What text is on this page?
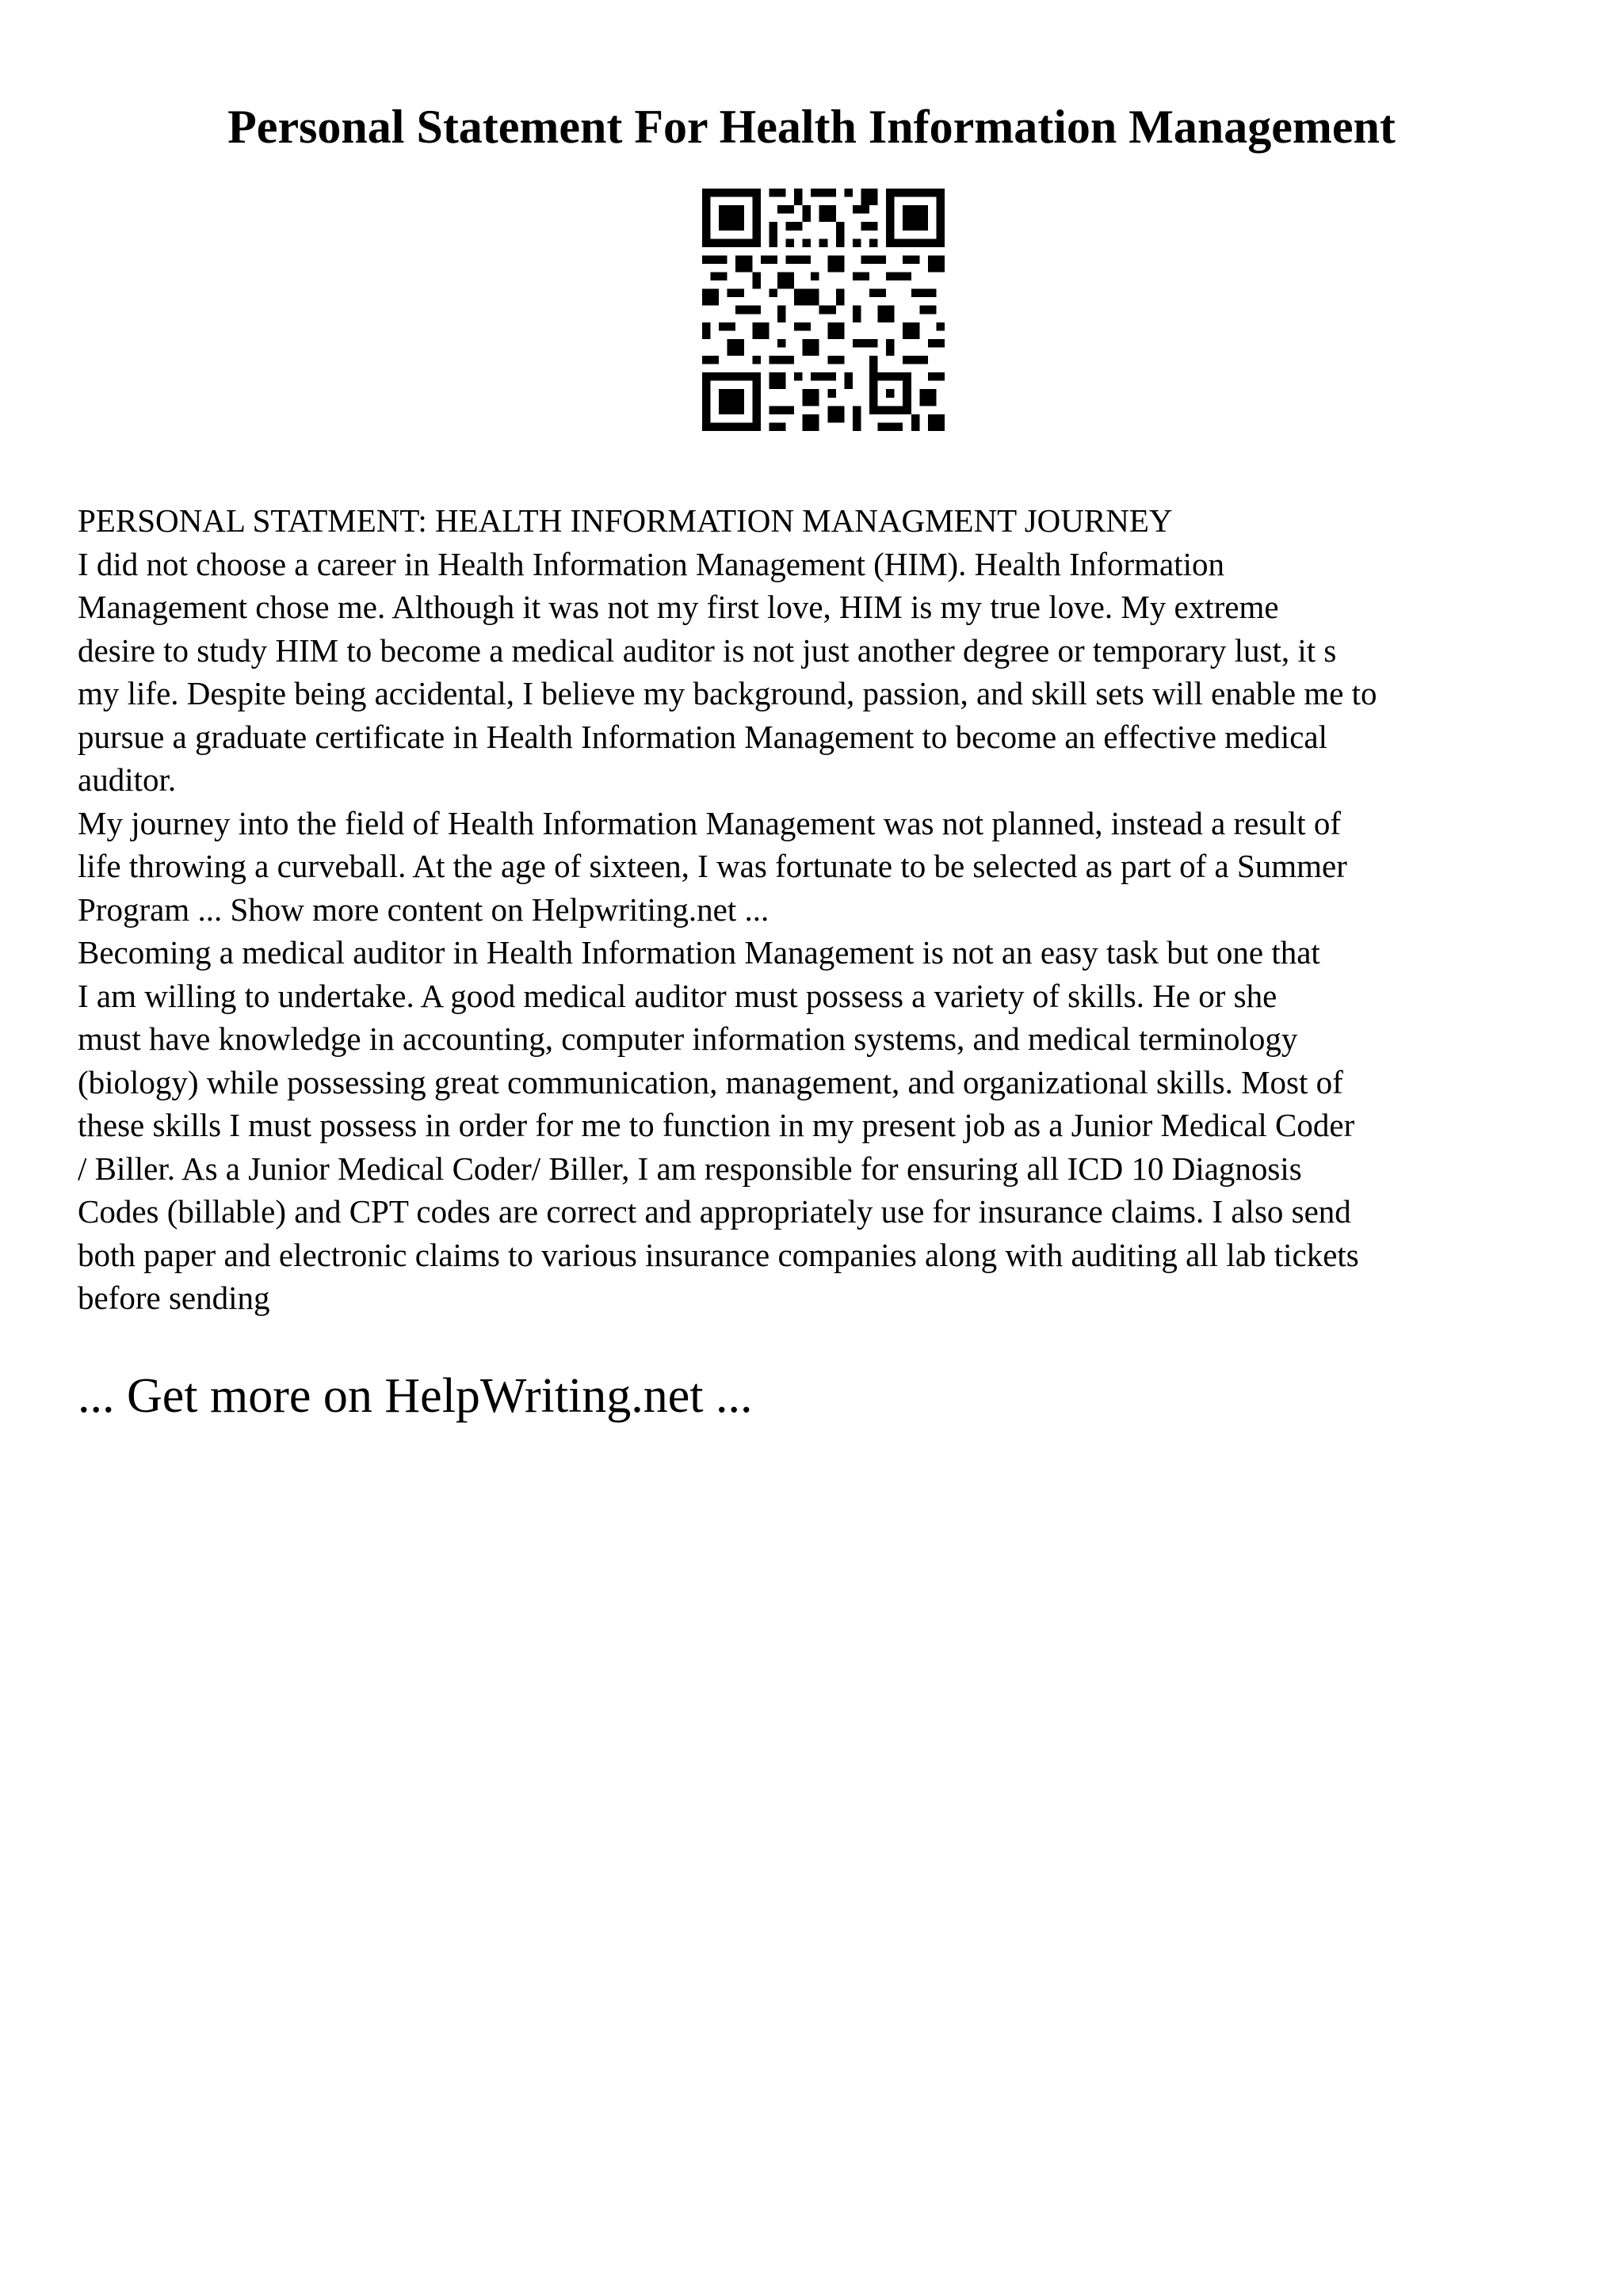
Personal Statement For Health Information Management
PERSONAL STATMENT: HEALTH INFORMATION MANAGMENT JOURNEY
I did not choose a career in Health Information Management (HIM). Health Information
Management chose me. Although it was not my first love, HIM is my true love. My extreme
desire to study HIM to become a medical auditor is not just another degree or temporary lust, it s
my life. Despite being accidental, I believe my background, passion, and skill sets will enable me to
pursue a graduate certificate in Health Information Management to become an effective medical
auditor.
My journey into the field of Health Information Management was not planned, instead a result of
life throwing a curveball. At the age of sixteen, I was fortunate to be selected as part of a Summer
Program ... Show more content on Helpwriting.net ...
Becoming a medical auditor in Health Information Management is not an easy task but one that
I am willing to undertake. A good medical auditor must possess a variety of skills. He or she
must have knowledge in accounting, computer information systems, and medical terminology
(biology) while possessing great communication, management, and organizational skills. Most of
these skills I must possess in order for me to function in my present job as a Junior Medical Coder
/ Biller. As a Junior Medical Coder/ Biller, I am responsible for ensuring all ICD 10 Diagnosis
Codes (billable) and CPT codes are correct and appropriately use for insurance claims. I also send
both paper and electronic claims to various insurance companies along with auditing all lab tickets
before sending
... Get more on HelpWriting.net ...
